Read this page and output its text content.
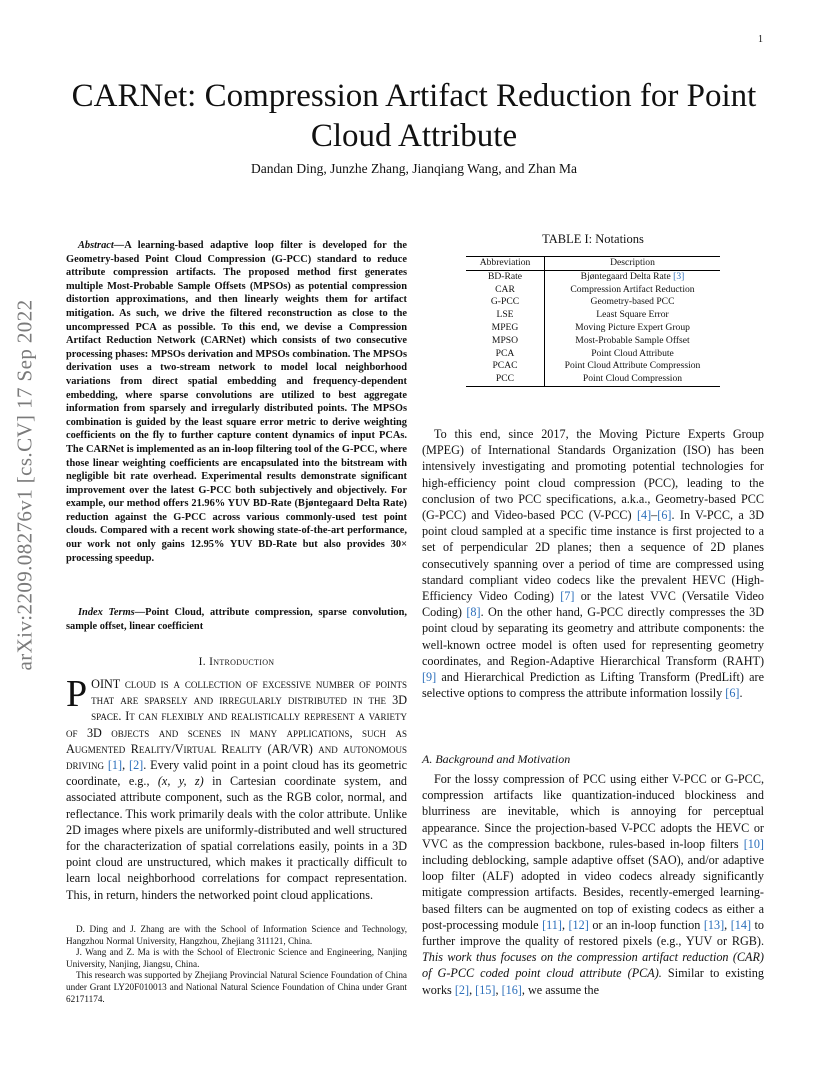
1
arXiv:2209.08276v1 [cs.CV] 17 Sep 2022
CARNet: Compression Artifact Reduction for Point Cloud Attribute
Dandan Ding, Junzhe Zhang, Jianqiang Wang, and Zhan Ma
Abstract—A learning-based adaptive loop filter is developed for the Geometry-based Point Cloud Compression (G-PCC) standard to reduce attribute compression artifacts. The proposed method first generates multiple Most-Probable Sample Offsets (MPSOs) as potential compression distortion approximations, and then linearly weights them for artifact mitigation. As such, we drive the filtered reconstruction as close to the uncompressed PCA as possible. To this end, we devise a Compression Artifact Reduction Network (CARNet) which consists of two consecutive processing phases: MPSOs derivation and MPSOs combination. The MPSOs derivation uses a two-stream network to model local neighborhood variations from direct spatial embedding and frequency-dependent embedding, where sparse convolutions are utilized to best aggregate information from sparsely and irregularly distributed points. The MPSOs combination is guided by the least square error metric to derive weighting coefficients on the fly to further capture content dynamics of input PCAs. The CARNet is implemented as an in-loop filtering tool of the G-PCC, where those linear weighting coefficients are encapsulated into the bitstream with negligible bit rate overhead. Experimental results demonstrate significant improvement over the latest G-PCC both subjectively and objectively. For example, our method offers 21.96% YUV BD-Rate (Bjøntegaard Delta Rate) reduction against the G-PCC across various commonly-used test point clouds. Compared with a recent work showing state-of-the-art performance, our work not only gains 12.95% YUV BD-Rate but also provides 30× processing speedup.
Index Terms—Point Cloud, attribute compression, sparse convolution, sample offset, linear coefficient
I. Introduction
POINT cloud is a collection of excessive number of points that are sparsely and irregularly distributed in the 3D space. It can flexibly and realistically represent a variety of 3D objects and scenes in many applications, such as Augmented Reality/Virtual Reality (AR/VR) and autonomous driving [1], [2]. Every valid point in a point cloud has its geometric coordinate, e.g., (x, y, z) in Cartesian coordinate system, and associated attribute component, such as the RGB color, normal, and reflectance. This work primarily deals with the color attribute. Unlike 2D images where pixels are uniformly-distributed and well structured for the characterization of spatial correlations easily, points in a 3D point cloud are unstructured, which makes it practically difficult to learn local neighborhood correlations for compact representation. This, in return, hinders the networked point cloud applications.

D. Ding and J. Zhang are with the School of Information Science and Technology, Hangzhou Normal University, Hangzhou, Zhejiang 311121, China.

J. Wang and Z. Ma is with the School of Electronic Science and Engineering, Nanjing University, Nanjing, Jiangsu, China.

This research was supported by Zhejiang Provincial Natural Science Foundation of China under Grant LY20F010013 and National Natural Science Foundation of China under Grant 62171174.

TABLE I: Notations
Abbreviation	Description
BD-Rate	Bjøntegaard Delta Rate [3]
CAR	Compression Artifact Reduction
G-PCC	Geometry-based PCC
LSE	Least Square Error
MPEG	Moving Picture Expert Group
MPSO	Most-Probable Sample Offset
PCA	Point Cloud Attribute
PCAC	Point Cloud Attribute Compression
PCC	Point Cloud Compression
To this end, since 2017, the Moving Picture Experts Group (MPEG) of International Standards Organization (ISO) has been intensively investigating and promoting potential technologies for high-efficiency point cloud compression (PCC), leading to the conclusion of two PCC specifications, a.k.a., Geometry-based PCC (G-PCC) and Video-based PCC (V-PCC) [4]–[6]. In V-PCC, a 3D point cloud sampled at a specific time instance is first projected to a set of perpendicular 2D planes; then a sequence of 2D planes consecutively spanning over a period of time are compressed using standard compliant video codecs like the prevalent HEVC (High-Efficiency Video Coding) [7] or the latest VVC (Versatile Video Coding) [8]. On the other hand, G-PCC directly compresses the 3D point cloud by separating its geometry and attribute components: the well-known octree model is often used for representing geometry coordinates, and Region-Adaptive Hierarchical Transform (RAHT) [9] and Hierarchical Prediction as Lifting Transform (PredLift) are selective options to compress the attribute information lossily [6].
A. Background and Motivation
For the lossy compression of PCC using either V-PCC or G-PCC, compression artifacts like quantization-induced blockiness and blurriness are inevitable, which is annoying for perceptual appearance. Since the projection-based V-PCC adopts the HEVC or VVC as the compression backbone, rules-based in-loop filters [10] including deblocking, sample adaptive offset (SAO), and/or adaptive loop filter (ALF) adopted in video codecs already significantly mitigate compression artifacts. Besides, recently-emerged learning-based filters can be augmented on top of existing codecs as either a post-processing module [11], [12] or an in-loop function [13], [14] to further improve the quality of restored pixels (e.g., YUV or RGB). This work thus focuses on the compression artifact reduction (CAR) of G-PCC coded point cloud attribute (PCA). Similar to existing works [2], [15], [16], we assume the
